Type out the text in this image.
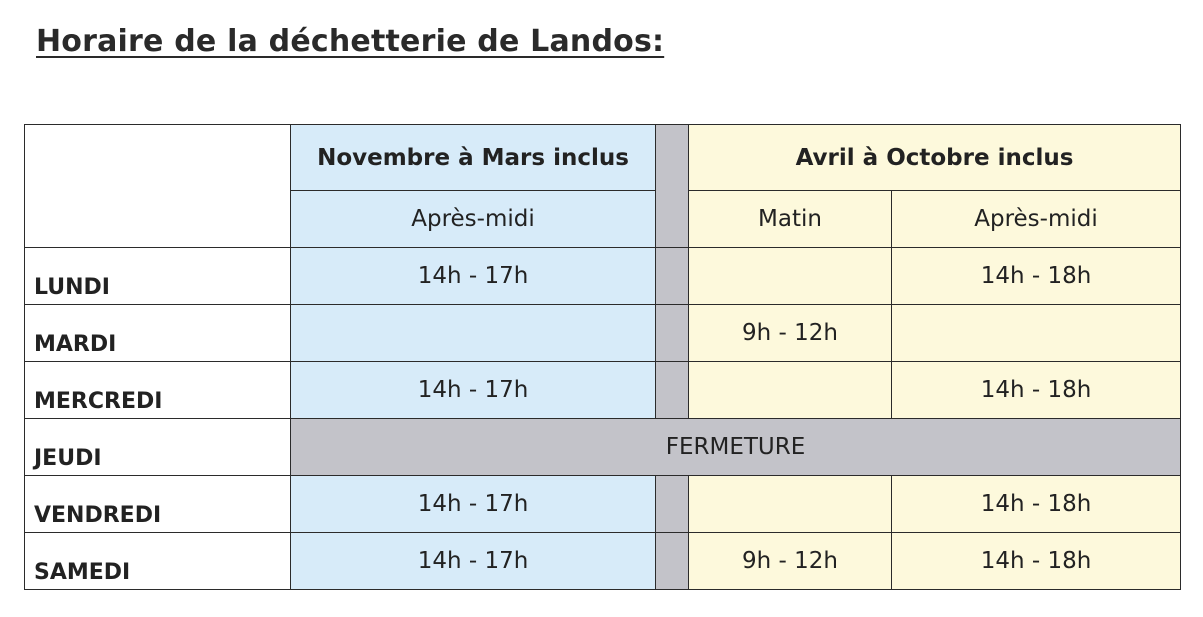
Horaire de la déchetterie de Landos:
	Novembre à Mars inclus		Avril à Octobre inclus	
	Après-midi		Matin	Après-midi
LUNDI	14h - 17h			14h - 18h
MARDI			9h - 12h	
MERCREDI	14h - 17h			14h - 18h
JEUDI	FERMETURE			
VENDREDI	14h - 17h			14h - 18h
SAMEDI	14h - 17h		9h - 12h	14h - 18h
